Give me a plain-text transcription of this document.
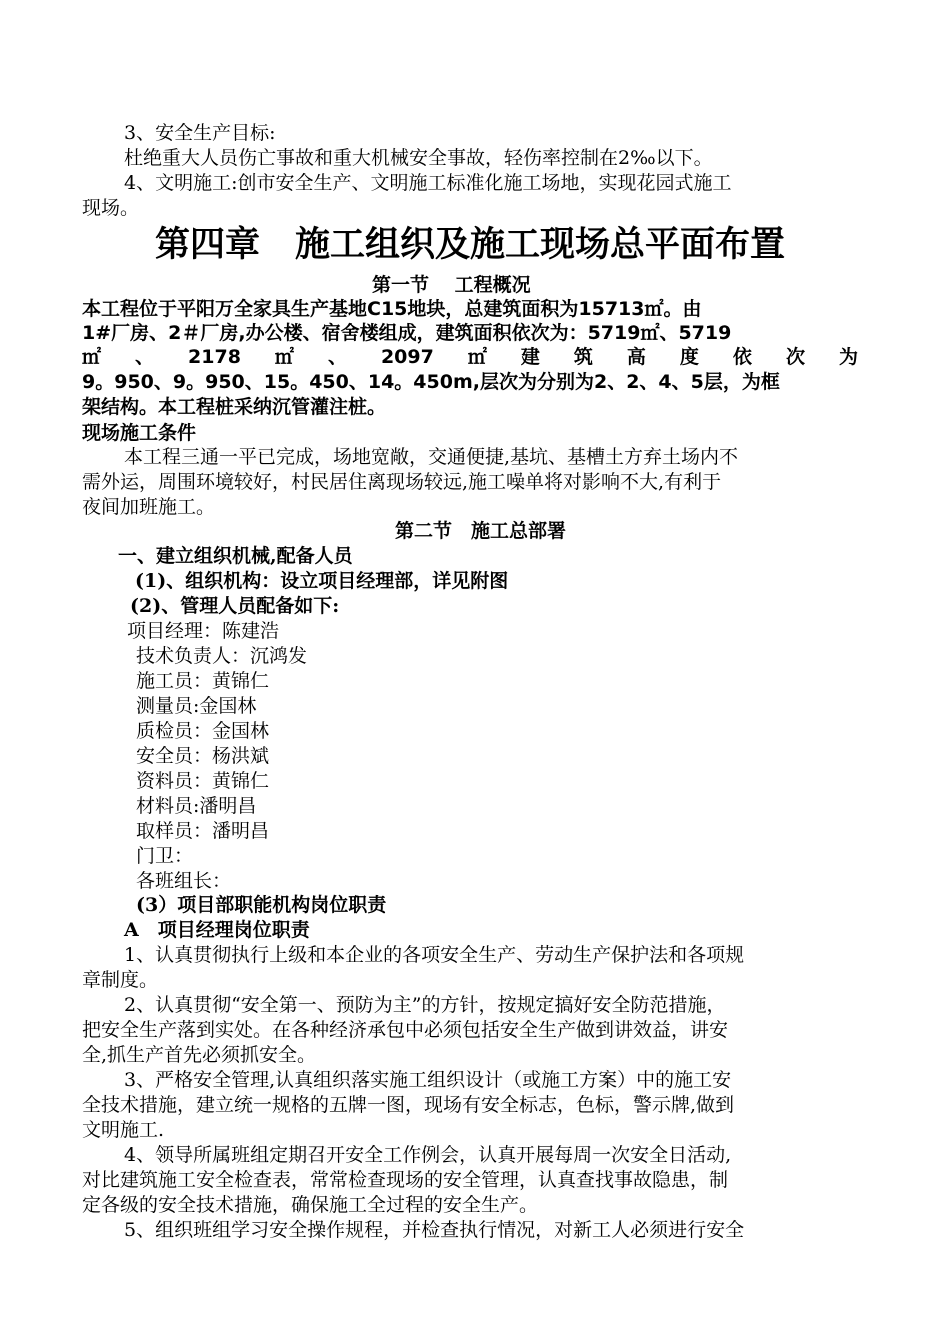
3、安全生产目标:
杜绝重大人员伤亡事故和重大机械安全事故，轻伤率控制在2‰以下。
4、文明施工:创市安全生产、文明施工标准化施工场地，实现花园式施工
现场。
第四章　施工组织及施工现场总平面布置
第一节　 工程概况
本工程位于平阳万全家具生产基地C15地块，总建筑面积为15713㎡。由
1#厂房、2＃厂房,办公楼、宿舍楼组成，建筑面积依次为：5719㎡、5719
㎡ 、 2178 ㎡ 、 2097 ㎡ 建 筑 高 度 依 次 为
9。950、9。950、15。450、14。450m,层次为分别为2、2、4、5层，为框
架结构。本工程桩采纳沉管灌注桩。
现场施工条件
本工程三通一平已完成，场地宽敞，交通便捷,基坑、基槽土方弃土场内不
需外运，周围环境较好，村民居住离现场较远,施工噪单将对影响不大,有利于
夜间加班施工。
第二节　施工总部署
一、建立组织机械,配备人员
(1)、组织机构：设立项目经理部，详见附图
(2)、管理人员配备如下:
项目经理：陈建浩
技术负责人：沉鸿发
施工员：黄锦仁
测量员:金国林
质检员：金国林
安全员：杨洪斌
资料员：黄锦仁
材料员:潘明昌
取样员：潘明昌
门卫：
各班组长：
(3）项目部职能机构岗位职责
A　项目经理岗位职责
1、认真贯彻执行上级和本企业的各项安全生产、劳动生产保护法和各项规
章制度。
2、认真贯彻“安全第一、预防为主”的方针，按规定搞好安全防范措施，
把安全生产落到实处。在各种经济承包中必须包括安全生产做到讲效益，讲安
全,抓生产首先必须抓安全。
3、严格安全管理,认真组织落实施工组织设计（或施工方案）中的施工安
全技术措施，建立统一规格的五牌一图，现场有安全标志，色标，警示牌,做到
文明施工.
4、领导所属班组定期召开安全工作例会，认真开展每周一次安全日活动,
对比建筑施工安全检查表，常常检查现场的安全管理，认真查找事故隐患，制
定各级的安全技术措施，确保施工全过程的安全生产。
5、组织班组学习安全操作规程，并检查执行情况，对新工人必须进行安全
